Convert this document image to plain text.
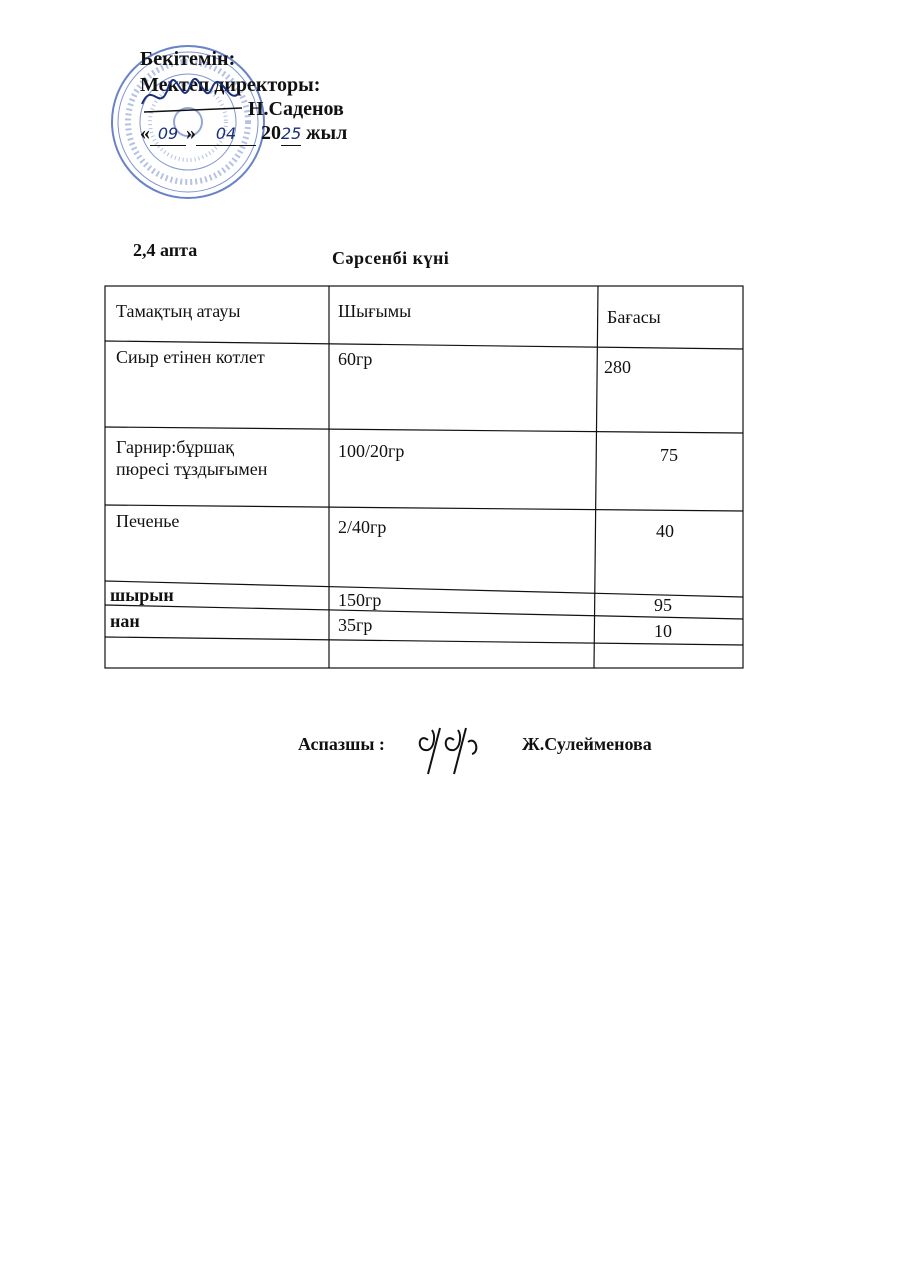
Бекітемін:
Мектеп директоры:
Н.Саденов
« 09 » 04 2025 жыл
2,4 апта	Сәрсенбі күні
Тамақтың атауы	Шығымы	Бағасы
Сиыр етінен котлет	60гр	280
Гарнир:бұршақ
пюресі тұздығымен
100/20гр	75
Печенье	2/40гр	40
шырын	150гр	95
нан	35гр	10
Аспазшы :	Ж.Сулейменова
